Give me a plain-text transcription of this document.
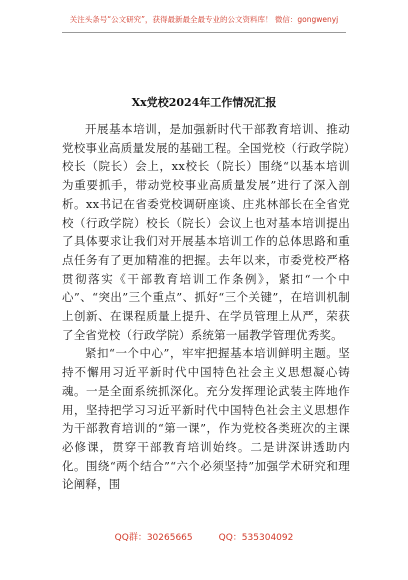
关注头条号“公文研究”，获得最新最全最专业的公文资料库！ 微信：gongwenyj
Xx党校2024年工作情况汇报

开展基本培训，是加强新时代干部教育培训、推动党校事业高质量发展的基础工程。全国党校（行政学院）校长（院长）会上，xx校长（院长）围绕“以基本培训为重要抓手，带动党校事业高质量发展”进行了深入剖析。xx书记在省委党校调研座谈、庄兆林部长在全省党校（行政学院）校长（院长）会议上也对基本培训提出了具体要求让我们对开展基本培训工作的总体思路和重点任务有了更加精准的把握。去年以来，市委党校严格贯彻落实《干部教育培训工作条例》，紧扣“一个中心”、“突出”三个重点”、抓好“三个关键”，在培训机制上创新、在课程质量上提升、在学员管理上从严，荣获了全省党校（行政学院）系统第一届教学管理优秀奖。

紧扣“一个中心”，牢牢把握基本培训鲜明主题。坚持不懈用习近平新时代中国特色社会主义思想凝心铸魂。一是全面系统抓深化。充分发挥理论武装主阵地作用，坚持把学习习近平新时代中国特色社会主义思想作为干部教育培训的“第一课”，作为党校各类班次的主课必修课，贯穿干部教育培训始终。二是讲深讲透助内化。围绕“两个结合”“六个必须坚持”加强学术研究和理论阐释，围

QQ群：30265665	QQ：535304092
